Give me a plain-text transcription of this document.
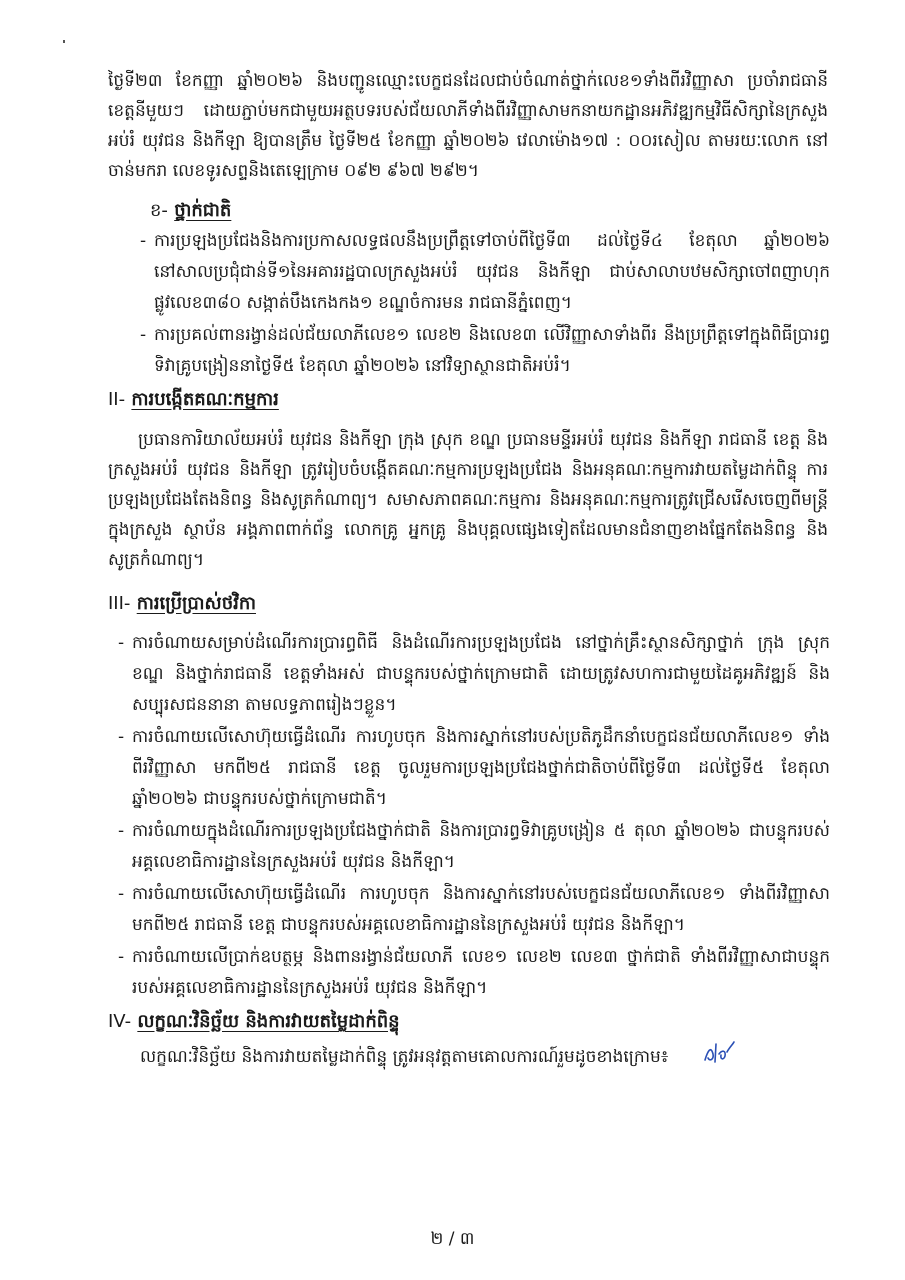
ថ្ងៃទី២៣ ខែកញ្ញា ឆ្នាំ២០២៦ និងបញ្ជូនឈ្មោះបេក្ខជនដែលជាប់ចំណាត់ថ្នាក់លេខ១ទាំងពីរវិញ្ញាសា ប្រចាំរាជធានី ខេត្តនីមួយៗ ដោយភ្ជាប់មកជាមួយអត្ថបទរបស់ជ័យលាភីទាំងពីរវិញ្ញាសាមកនាយកដ្ឋានអភិវឌ្ឍកម្មវិធីសិក្សានៃក្រសួងអប់រំ យុវជន និងកីឡា ឱ្យបានត្រឹម ថ្ងៃទី២៥ ខែកញ្ញា ឆ្នាំ២០២៦ វេលាម៉ោង១៧ : ០០រសៀល តាមរយៈលោក នៅ ចាន់មករា លេខទូរសព្ទនិងតេឡេក្រាម ០៩២ ៩៦៧ ២៩២។

ខ- ថ្នាក់ជាតិ
- ការប្រឡងប្រជែងនិងការប្រកាសលទ្ធផលនឹងប្រព្រឹត្តទៅចាប់ពីថ្ងៃទី៣ ដល់ថ្ងៃទី៤ ខែតុលា ឆ្នាំ២០២៦ នៅសាលប្រជុំជាន់ទី១នៃអគាររដ្ឋបាលក្រសួងអប់រំ យុវជន និងកីឡា ជាប់សាលាបឋមសិក្សាចៅពញាហុក ផ្លូវលេខ៣៨០ សង្កាត់បឹងកេងកង១ ខណ្ឌចំការមន រាជធានីភ្នំពេញ។
- ការប្រគល់ពានរង្វាន់ដល់ជ័យលាភីលេខ១ លេខ២ និងលេខ៣ លើវិញ្ញាសាទាំងពីរ នឹងប្រព្រឹត្តទៅក្នុងពិធីប្រារព្ធទិវាគ្រូបង្រៀននាថ្ងៃទី៥ ខែតុលា ឆ្នាំ២០២៦ នៅវិទ្យាស្ថានជាតិអប់រំ។
II- ការបង្កើតគណៈកម្មការ

ប្រធានការិយាល័យអប់រំ យុវជន និងកីឡា ក្រុង ស្រុក ខណ្ឌ ប្រធានមន្ទីរអប់រំ យុវជន និងកីឡា រាជធានី ខេត្ត និង ក្រសួងអប់រំ យុវជន និងកីឡា ត្រូវរៀបចំបង្កើតគណៈកម្មការប្រឡងប្រជែង និងអនុគណៈកម្មការវាយតម្លៃដាក់ពិន្ទុ ការប្រឡងប្រជែងតែងនិពន្ធ និងសូត្រកំណាព្យ។ សមាសភាពគណៈកម្មការ និងអនុគណៈកម្មការត្រូវជ្រើសរើសចេញពីមន្ត្រីក្នុងក្រសួង ស្ថាប័ន អង្គភាពពាក់ព័ន្ធ លោកគ្រូ អ្នកគ្រូ និងបុគ្គលផ្សេងទៀតដែលមានជំនាញខាងផ្នែកតែងនិពន្ធ និងសូត្រកំណាព្យ។

III- ការប្រើប្រាស់ថវិកា
- ការចំណាយសម្រាប់ដំណើរការប្រារព្ធពិធី និងដំណើរការប្រឡងប្រជែង នៅថ្នាក់គ្រឹះស្ថានសិក្សាថ្នាក់ ក្រុង ស្រុក ខណ្ឌ និងថ្នាក់រាជធានី ខេត្តទាំងអស់ ជាបន្ទុករបស់ថ្នាក់ក្រោមជាតិ ដោយត្រូវសហការជាមួយដៃគូអភិវឌ្ឍន៍ និងសប្បុរសជននានា តាមលទ្ធភាពរៀងៗខ្លួន។
- ការចំណាយលើសោហ៊ុយធ្វើដំណើរ ការហូបចុក និងការស្នាក់នៅរបស់ប្រតិភូដឹកនាំបេក្ខជនជ័យលាភីលេខ១ ទាំងពីរវិញ្ញាសា មកពី២៥ រាជធានី ខេត្ត ចូលរួមការប្រឡងប្រជែងថ្នាក់ជាតិចាប់ពីថ្ងៃទី៣ ដល់ថ្ងៃទី៥ ខែតុលា ឆ្នាំ២០២៦ ជាបន្ទុករបស់ថ្នាក់ក្រោមជាតិ។
- ការចំណាយក្នុងដំណើរការប្រឡងប្រជែងថ្នាក់ជាតិ និងការប្រារព្ធទិវាគ្រូបង្រៀន ៥ តុលា ឆ្នាំ២០២៦ ជាបន្ទុករបស់អគ្គលេខាធិការដ្ឋាននៃក្រសួងអប់រំ យុវជន និងកីឡា។
- ការចំណាយលើសោហ៊ុយធ្វើដំណើរ ការហូបចុក និងការស្នាក់នៅរបស់បេក្ខជនជ័យលាភីលេខ១ ទាំងពីរវិញ្ញាសា មកពី២៥ រាជធានី ខេត្ត ជាបន្ទុករបស់អគ្គលេខាធិការដ្ឋាននៃក្រសួងអប់រំ យុវជន និងកីឡា។
- ការចំណាយលើប្រាក់ឧបត្ថម្ភ និងពានរង្វាន់ជ័យលាភី លេខ១ លេខ២ លេខ៣ ថ្នាក់ជាតិ ទាំងពីរវិញ្ញាសាជាបន្ទុករបស់អគ្គលេខាធិការដ្ឋាននៃក្រសួងអប់រំ យុវជន និងកីឡា។
IV- លក្ខណៈវិនិច្ឆ័យ និងការវាយតម្លៃដាក់ពិន្ទុ

លក្ខណៈវិនិច្ឆ័យ និងការវាយតម្លៃដាក់ពិន្ទុ ត្រូវអនុវត្តតាមគោលការណ៍រួមដូចខាងក្រោម៖

២ / ៣
